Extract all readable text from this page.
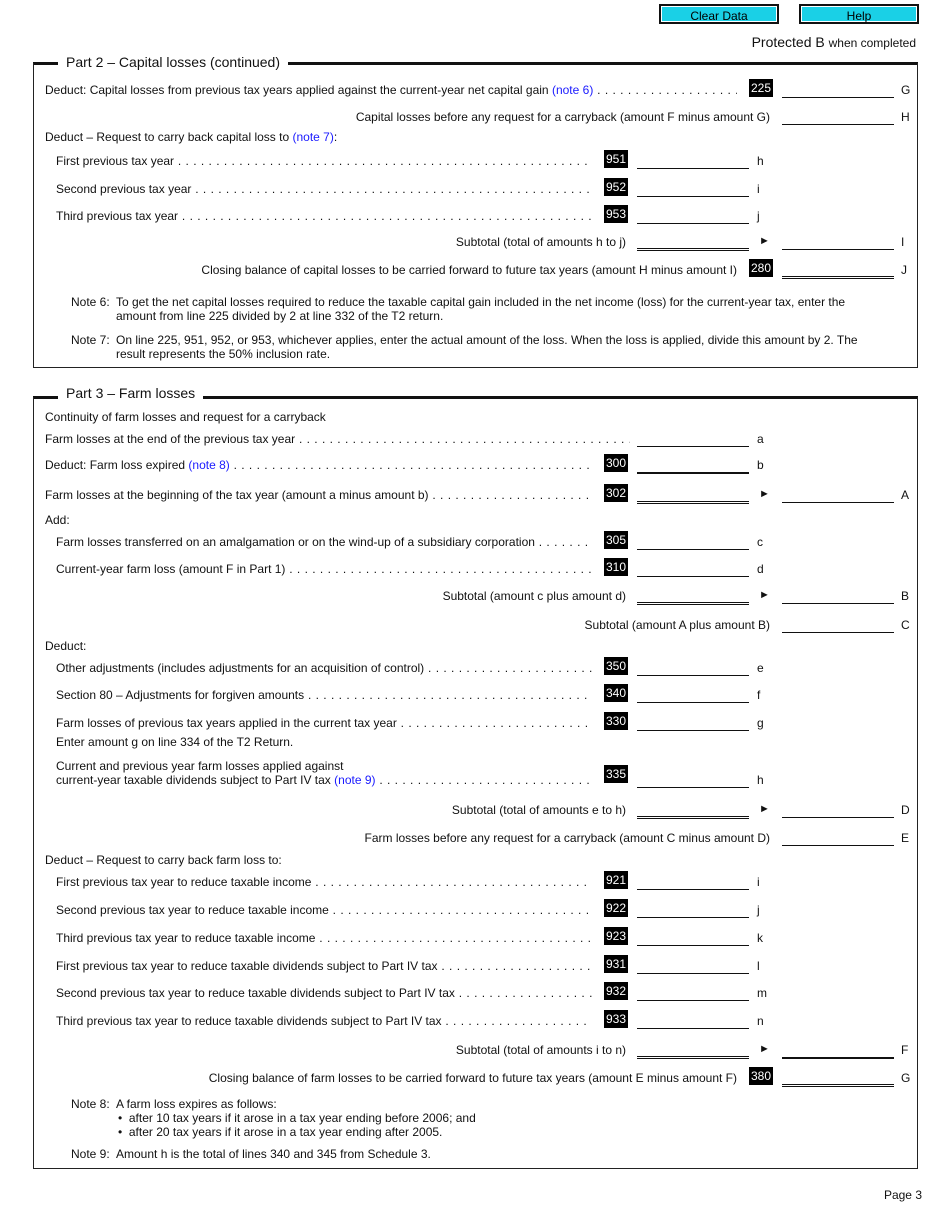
Clear Data	Help
Protected B when completed
Part 2 – Capital losses (continued)
Deduct: Capital losses from previous tax years applied against the current-year net capital gain (note 6) . . .	225	G
Capital losses before any request for a carryback (amount F minus amount G)	H
Deduct – Request to carry back capital loss to (note 7):
First previous tax year . . .	951	h
Second previous tax year . . .	952	i
Third previous tax year . . .	953	j
Subtotal (total of amounts h to j)	►	I
Closing balance of capital losses to be carried forward to future tax years (amount H minus amount I) 280	J
Note 6: To get the net capital losses required to reduce the taxable capital gain included in the net income (loss) for the current-year tax, enter the amount from line 225 divided by 2 at line 332 of the T2 return.
Note 7: On line 225, 951, 952, or 953, whichever applies, enter the actual amount of the loss. When the loss is applied, divide this amount by 2. The result represents the 50% inclusion rate.
Part 3 – Farm losses
Continuity of farm losses and request for a carryback
Farm losses at the end of the previous tax year . . .	a
Deduct: Farm loss expired (note 8) . . .	300	b
Farm losses at the beginning of the tax year (amount a minus amount b) . . .	302	►	A
Add:
Farm losses transferred on an amalgamation or on the wind-up of a subsidiary corporation . . .	305	c
Current-year farm loss (amount F in Part 1) . . .	310	d
Subtotal (amount c plus amount d)	►	B
Subtotal (amount A plus amount B)	C
Deduct:
Other adjustments (includes adjustments for an acquisition of control) . . .	350	e
Section 80 – Adjustments for forgiven amounts . . .	340	f
Farm losses of previous tax years applied in the current tax year . . .	330	g
Enter amount g on line 334 of the T2 Return.
Current and previous year farm losses applied against
current-year taxable dividends subject to Part IV tax (note 9) . . .	335	h
Subtotal (total of amounts e to h)	►	D
Farm losses before any request for a carryback (amount C minus amount D)	E
Deduct – Request to carry back farm loss to:
First previous tax year to reduce taxable income . . .	921	i
Second previous tax year to reduce taxable income . . .	922	j
Third previous tax year to reduce taxable income . . .	923	k
First previous tax year to reduce taxable dividends subject to Part IV tax . . .	931	l
Second previous tax year to reduce taxable dividends subject to Part IV tax . . .	932	m
Third previous tax year to reduce taxable dividends subject to Part IV tax . . .	933	n
Subtotal (total of amounts i to n)	►	F
Closing balance of farm losses to be carried forward to future tax years (amount E minus amount F) 380	G
Note 8: A farm loss expires as follows:
• after 10 tax years if it arose in a tax year ending before 2006; and
• after 20 tax years if it arose in a tax year ending after 2005.
Note 9: Amount h is the total of lines 340 and 345 from Schedule 3.
Page 3
